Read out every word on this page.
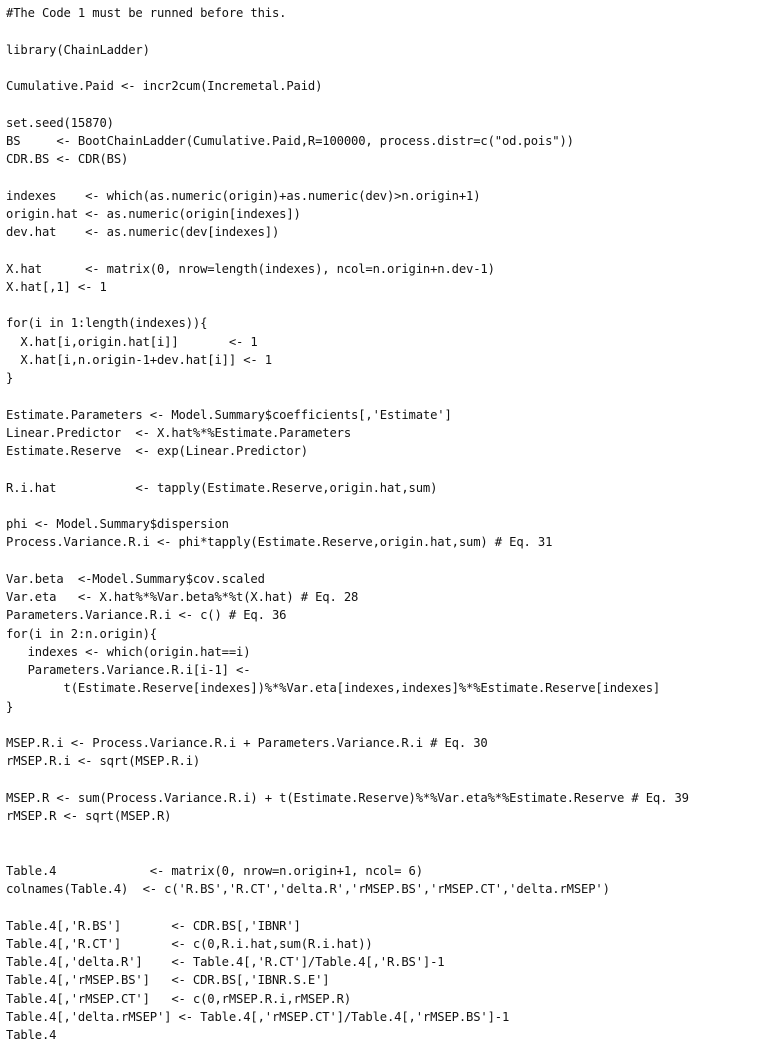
#The Code 1 must be runned before this.
library(ChainLadder)
Cumulative.Paid <- incr2cum(Incremetal.Paid)
set.seed(15870)
BS     <- BootChainLadder(Cumulative.Paid,R=100000, process.distr=c("od.pois"))
CDR.BS <- CDR(BS)
indexes    <- which(as.numeric(origin)+as.numeric(dev)>n.origin+1)
origin.hat <- as.numeric(origin[indexes])
dev.hat    <- as.numeric(dev[indexes])
X.hat      <- matrix(0, nrow=length(indexes), ncol=n.origin+n.dev-1)
X.hat[,1] <- 1
for(i in 1:length(indexes)){
X.hat[i,origin.hat[i]]       <- 1
X.hat[i,n.origin-1+dev.hat[i]] <- 1
}
Estimate.Parameters <- Model.Summary$coefficients[,'Estimate']
Linear.Predictor  <- X.hat%*%Estimate.Parameters
Estimate.Reserve  <- exp(Linear.Predictor)
R.i.hat           <- tapply(Estimate.Reserve,origin.hat,sum)
phi <- Model.Summary$dispersion
Process.Variance.R.i <- phi*tapply(Estimate.Reserve,origin.hat,sum) # Eq. 31
Var.beta  <-Model.Summary$cov.scaled
Var.eta   <- X.hat%*%Var.beta%*%t(X.hat) # Eq. 28
Parameters.Variance.R.i <- c() # Eq. 36
for(i in 2:n.origin){
indexes <- which(origin.hat==i)
Parameters.Variance.R.i[i-1] <-
t(Estimate.Reserve[indexes])%*%Var.eta[indexes,indexes]%*%Estimate.Reserve[indexes]
}
MSEP.R.i <- Process.Variance.R.i + Parameters.Variance.R.i # Eq. 30
rMSEP.R.i <- sqrt(MSEP.R.i)
MSEP.R <- sum(Process.Variance.R.i) + t(Estimate.Reserve)%*%Var.eta%*%Estimate.Reserve # Eq. 39
rMSEP.R <- sqrt(MSEP.R)
Table.4             <- matrix(0, nrow=n.origin+1, ncol= 6)
colnames(Table.4)  <- c('R.BS','R.CT','delta.R','rMSEP.BS','rMSEP.CT','delta.rMSEP')
Table.4[,'R.BS']       <- CDR.BS[,'IBNR']
Table.4[,'R.CT']       <- c(0,R.i.hat,sum(R.i.hat))
Table.4[,'delta.R']    <- Table.4[,'R.CT']/Table.4[,'R.BS']-1
Table.4[,'rMSEP.BS']   <- CDR.BS[,'IBNR.S.E']
Table.4[,'rMSEP.CT']   <- c(0,rMSEP.R.i,rMSEP.R)
Table.4[,'delta.rMSEP'] <- Table.4[,'rMSEP.CT']/Table.4[,'rMSEP.BS']-1
Table.4
